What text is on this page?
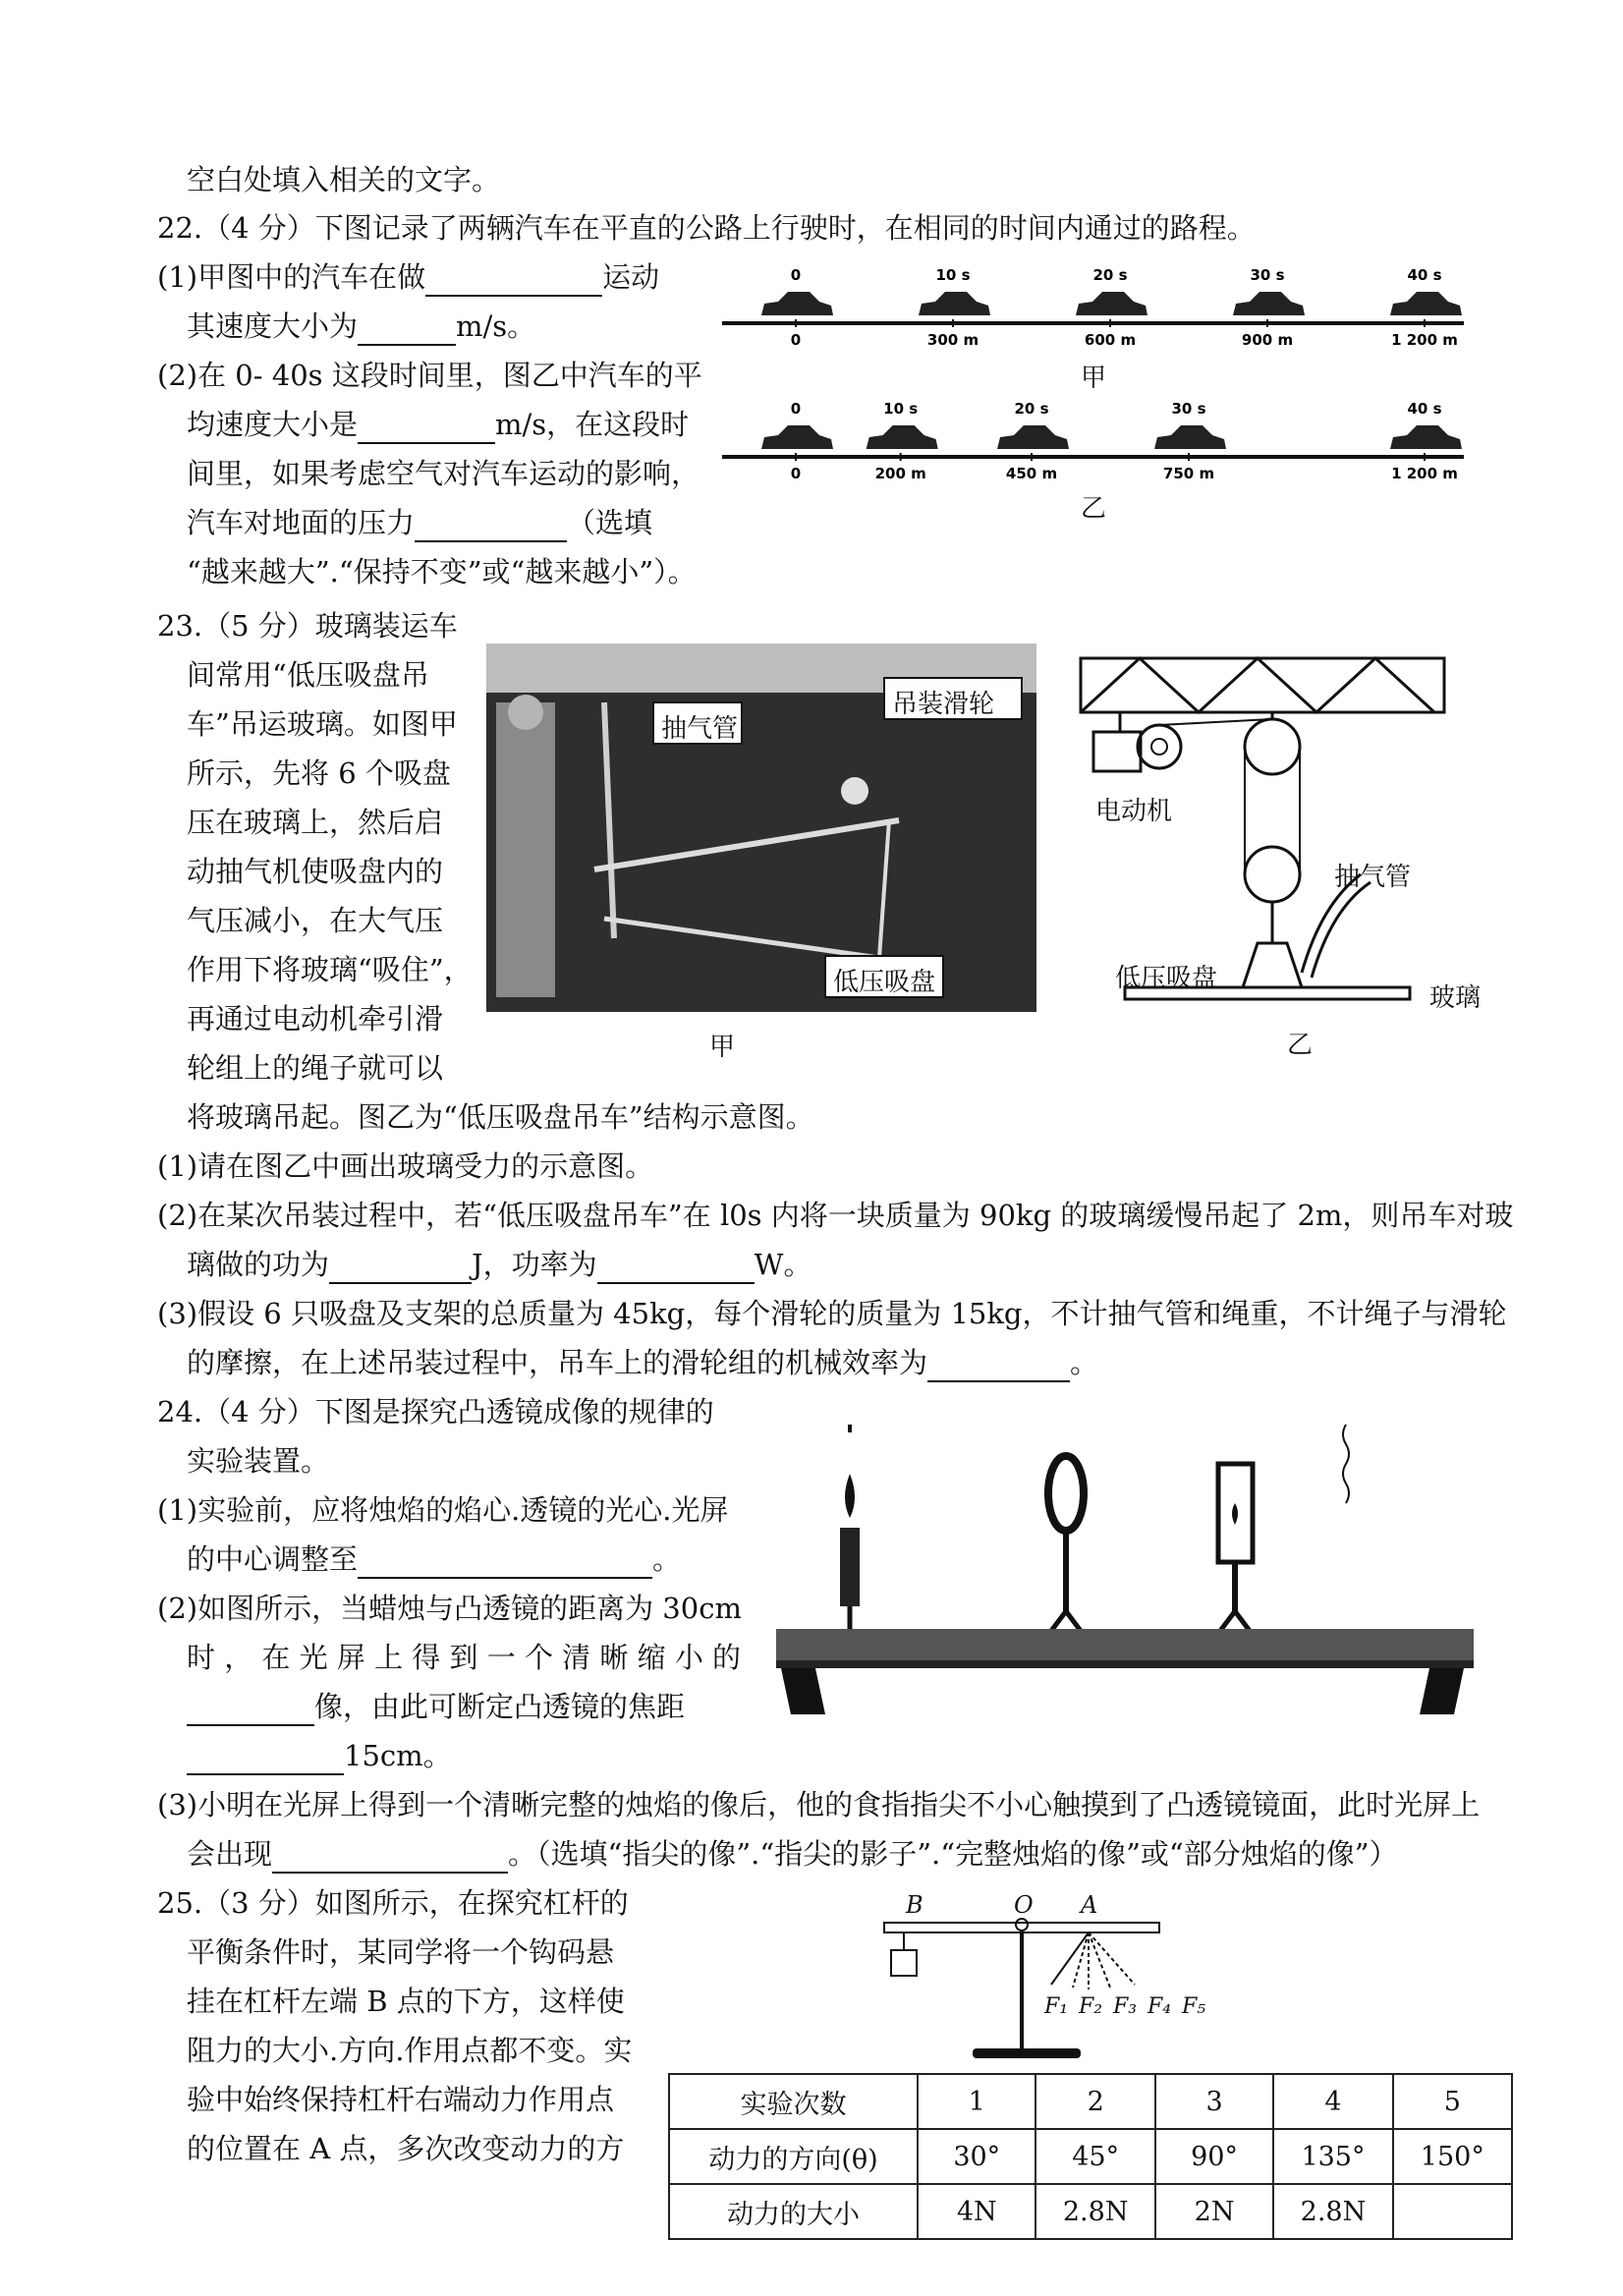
空白处填入相关的文字。
22.（4 分）下图记录了两辆汽车在平直的公路上行驶时，在相同的时间内通过的路程。
(1)甲图中的汽车在做	运动
其速度大小为	m/s。
(2)在 0- 40s 这段时间里，图乙中汽车的平
均速度大小是	m/s，在这段时
间里，如果考虑空气对汽车运动的影响，
汽车对地面的压力	（选填
“越来越大”.“保持不变”或“越来越小”）。
0
0
10 s
300 m
20 s
600 m
30 s
900 m
40 s
1 200 m
0
0
10 s
200 m
20 s
450 m
30 s
750 m
40 s
1 200 m
甲
乙
23.（5 分）玻璃装运车
间常用“低压吸盘吊
车”吊运玻璃。如图甲
所示，先将 6 个吸盘
压在玻璃上，然后启
动抽气机使吸盘内的
气压减小，在大气压
作用下将玻璃“吸住”，
再通过电动机牵引滑
轮组上的绳子就可以
将玻璃吊起。图乙为“低压吸盘吊车”结构示意图。
(1)请在图乙中画出玻璃受力的示意图。
(2)在某次吊装过程中，若“低压吸盘吊车”在 l0s 内将一块质量为 90kg 的玻璃缓慢吊起了 2m，则吊车对玻
璃做的功为	J，功率为	W。
(3)假设 6 只吸盘及支架的总质量为 45kg，每个滑轮的质量为 15kg，不计抽气管和绳重，不计绳子与滑轮
的摩擦，在上述吊装过程中，吊车上的滑轮组的机械效率为	。
抽气管
吊装滑轮
低压吸盘
甲
电动机
抽气管
低压吸盘
玻璃
乙
24.（4 分）下图是探究凸透镜成像的规律的
实验装置。
(1)实验前，应将烛焰的焰心.透镜的光心.光屏
的中心调整至	。
(2)如图所示，当蜡烛与凸透镜的距离为 30cm
时 ， 在 光 屏 上 得 到 一 个 清 晰 缩 小 的
像，由此可断定凸透镜的焦距
15cm。
(3)小明在光屏上得到一个清晰完整的烛焰的像后，他的食指指尖不小心触摸到了凸透镜镜面，此时光屏上
会出现	。（选填“指尖的像”.“指尖的影子”.“完整烛焰的像”或“部分烛焰的像”）
25.（3 分）如图所示，在探究杠杆的
平衡条件时，某同学将一个钩码悬
挂在杠杆左端 B 点的下方，这样使
阻力的大小.方向.作用点都不变。实
验中始终保持杠杆右端动力作用点
的位置在 A 点，多次改变动力的方
B	O A
F₁ F₂ F₃ F₄ F₅
实验次数	1	2	3	4	5
动力的方向(θ)	30°	45°	90°	135°	150°
动力的大小	4N	2.8N	2N	2.8N	
